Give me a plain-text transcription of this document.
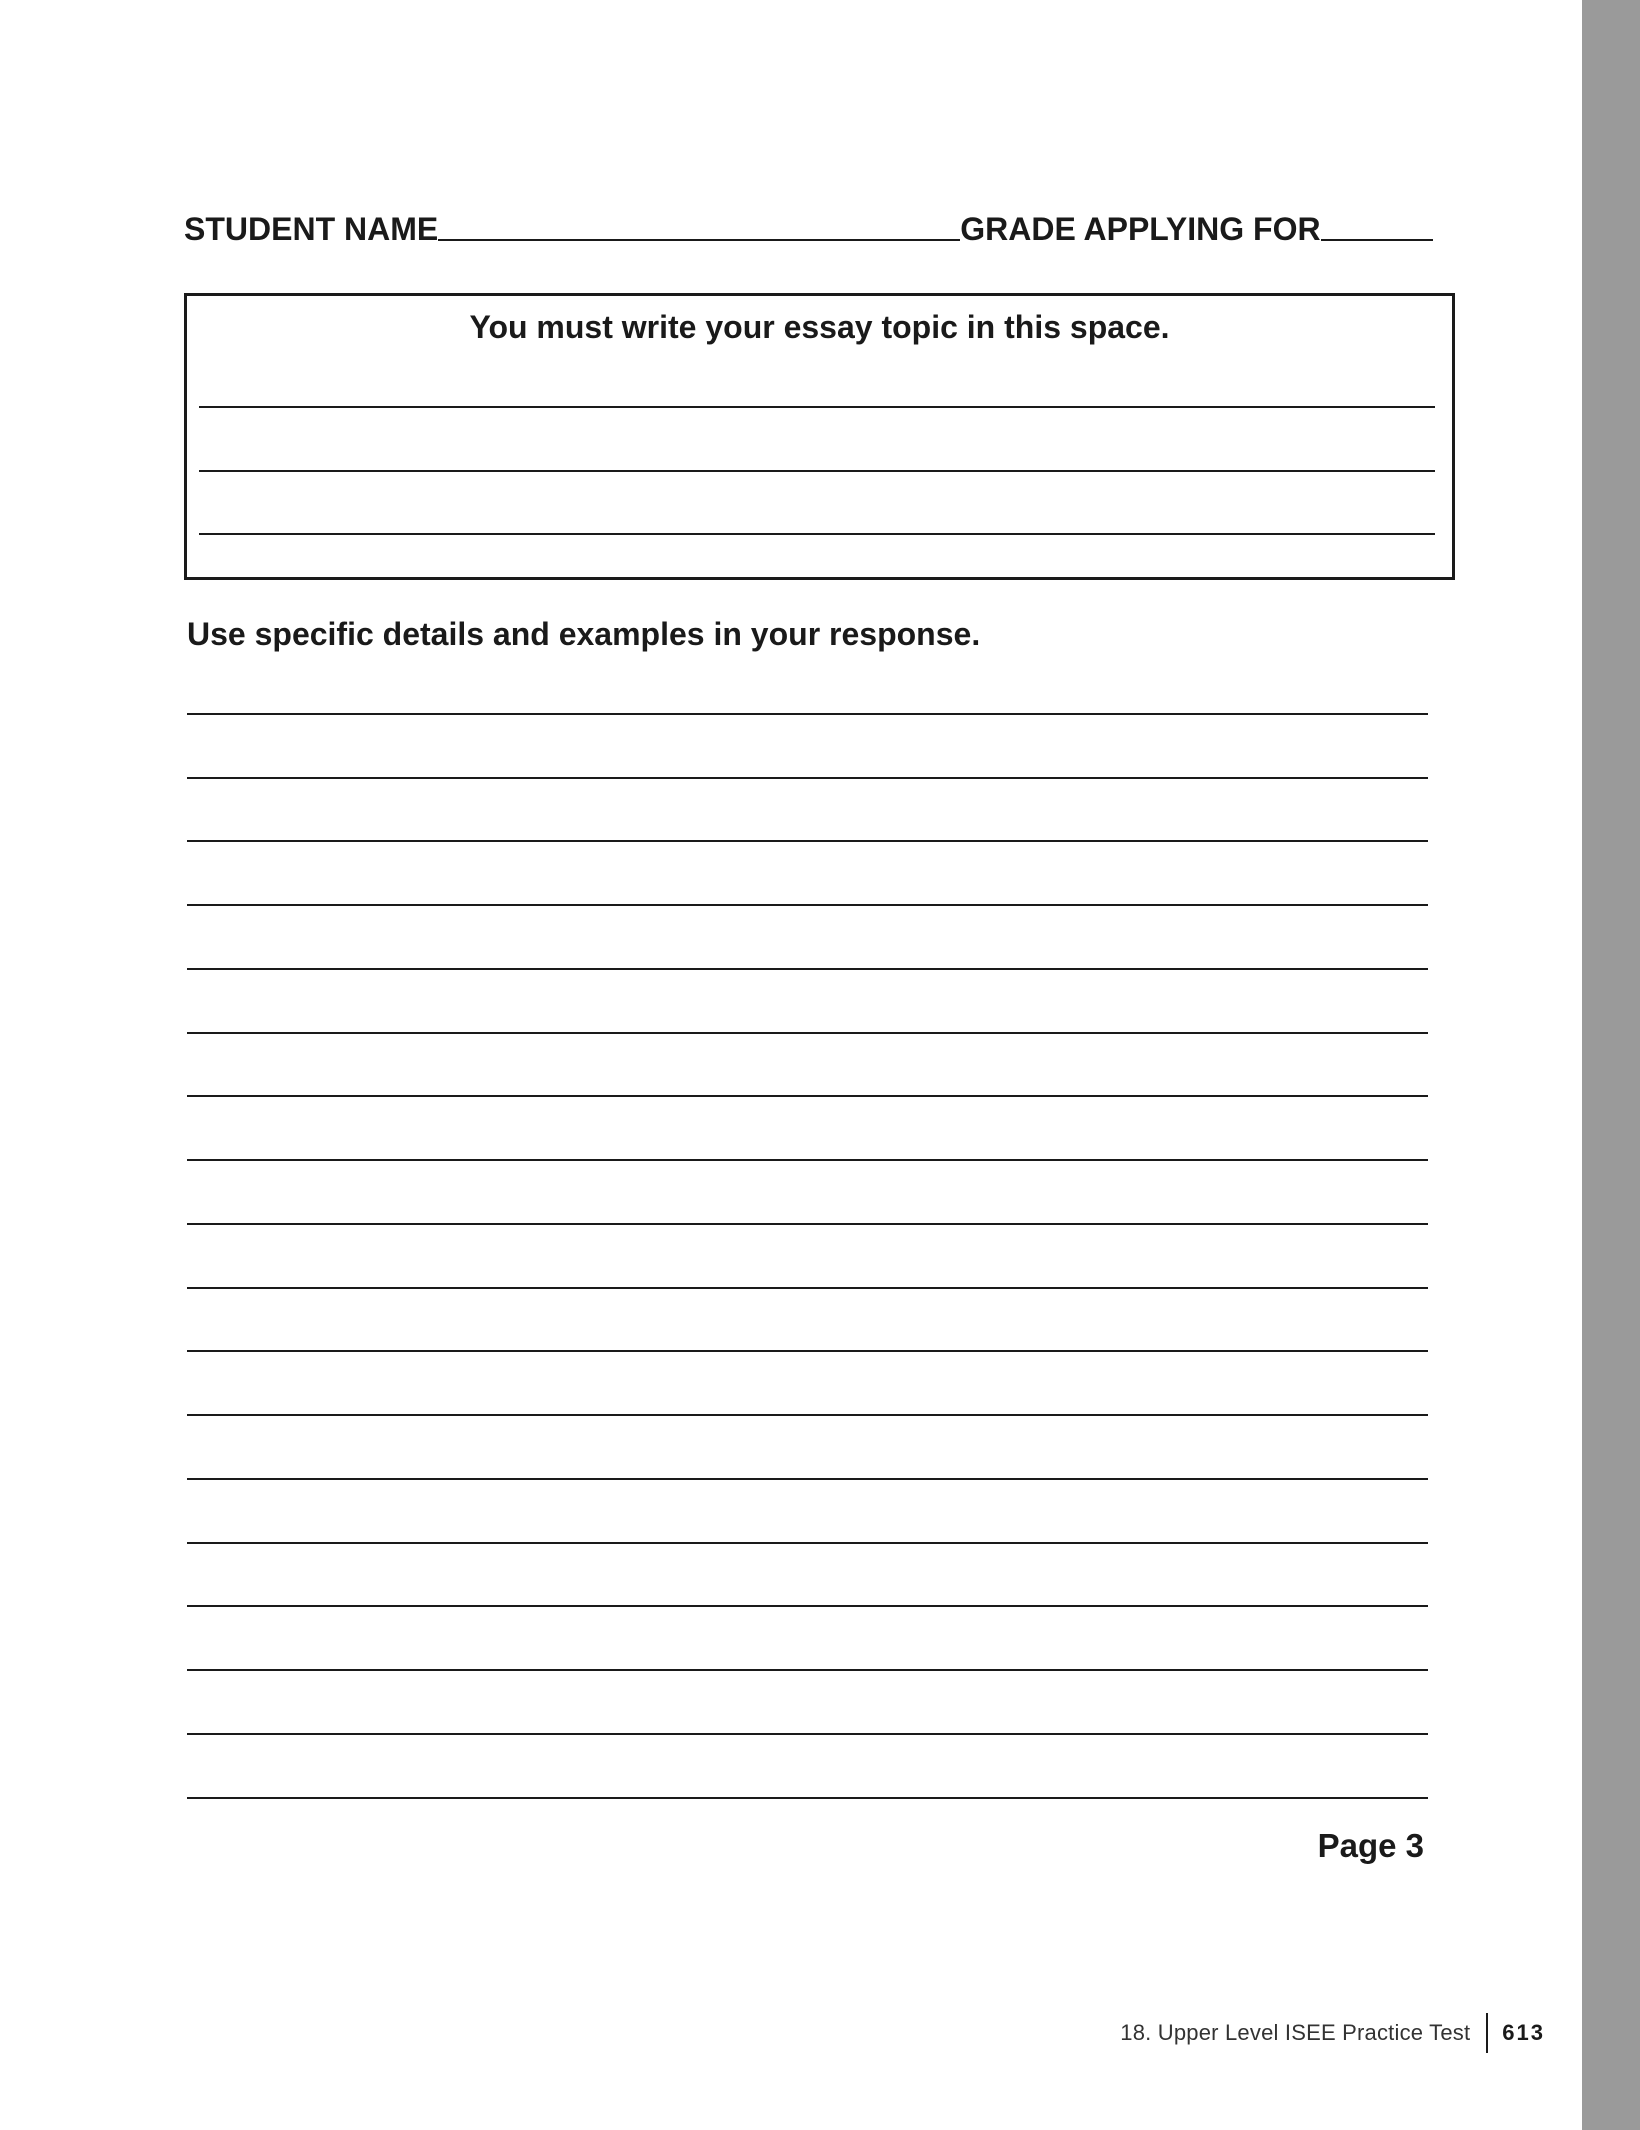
STUDENT NAME	GRADE APPLYING FOR
You must write your essay topic in this space.
Use specific details and examples in your response.
Page 3
18. Upper Level ISEE Practice Test 613
